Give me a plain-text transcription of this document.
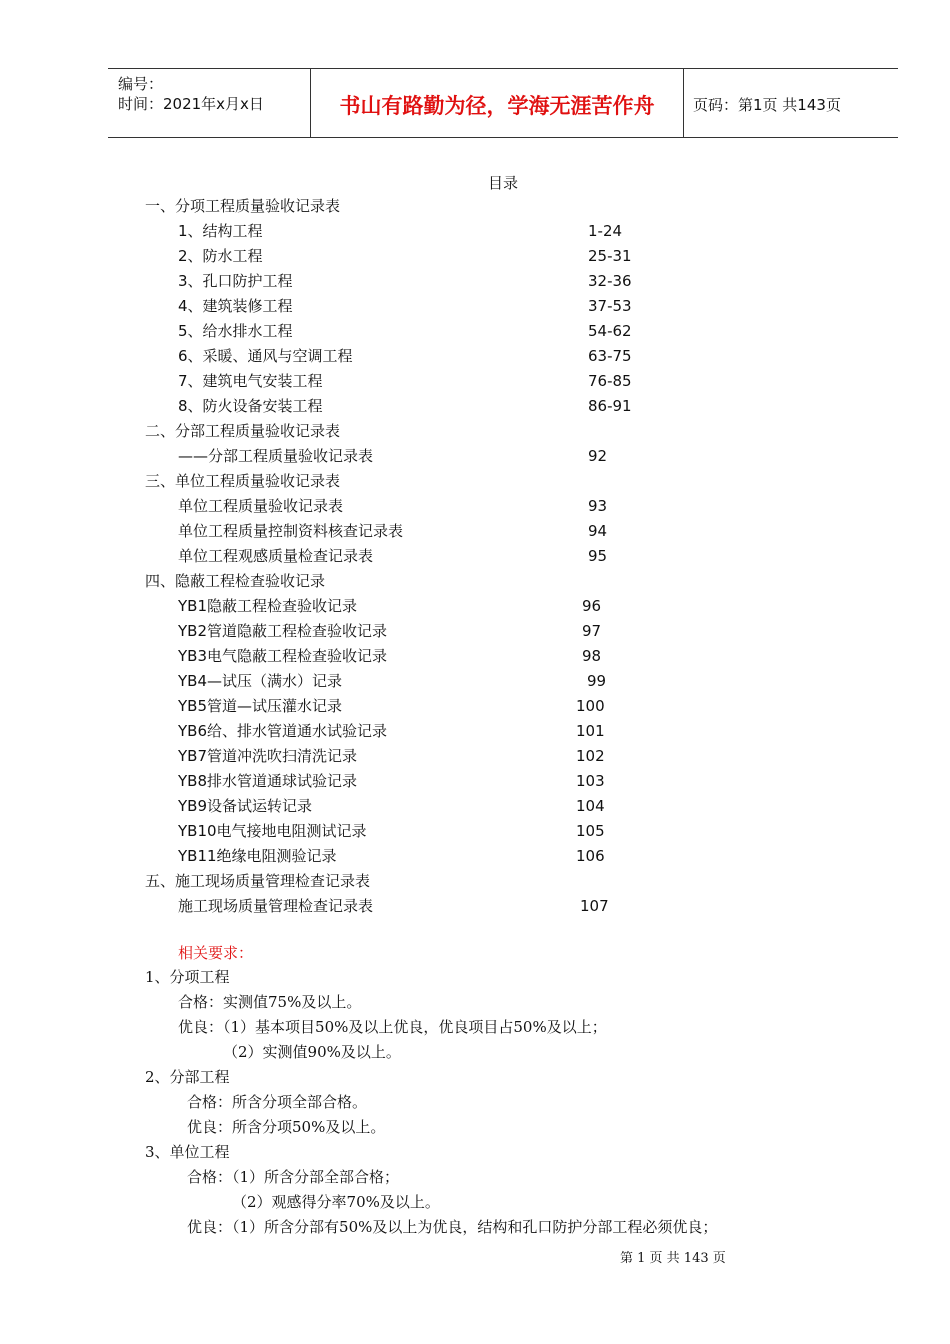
编号：
时间：2021年x月x日	书山有路勤为径，学海无涯苦作舟	页码：第1页 共143页
目录
一、分项工程质量验收记录表
1、结构工程	1-24
2、防水工程	25-31
3、孔口防护工程	32-36
4、建筑装修工程	37-53
5、给水排水工程	54-62
6、采暖、通风与空调工程	63-75
7、建筑电气安装工程	76-85
8、防火设备安装工程	86-91
二、分部工程质量验收记录表
——分部工程质量验收记录表	92
三、单位工程质量验收记录表
单位工程质量验收记录表	93
单位工程质量控制资料核查记录表	94
单位工程观感质量检查记录表	95
四、隐蔽工程检查验收记录
YB1隐蔽工程检查验收记录	96
YB2管道隐蔽工程检查验收记录	97
YB3电气隐蔽工程检查验收记录	98
YB4—试压（满水）记录	99
YB5管道—试压灌水记录	100
YB6给、排水管道通水试验记录	101
YB7管道冲洗吹扫清洗记录	102
YB8排水管道通球试验记录	103
YB9设备试运转记录	104
YB10电气接地电阻测试记录	105
YB11绝缘电阻测验记录	106
五、施工现场质量管理检查记录表
施工现场质量管理检查记录表	107
相关要求：
1、分项工程
合格：实测值75%及以上。
优良：（1）基本项目50%及以上优良，优良项目占50%及以上；
（2）实测值90%及以上。
2、分部工程
合格：所含分项全部合格。
优良：所含分项50%及以上。
3、单位工程
合格：（1）所含分部全部合格；
（2）观感得分率70%及以上。
优良：（1）所含分部有50%及以上为优良，结构和孔口防护分部工程必须优良；
第 1 页 共 143 页
